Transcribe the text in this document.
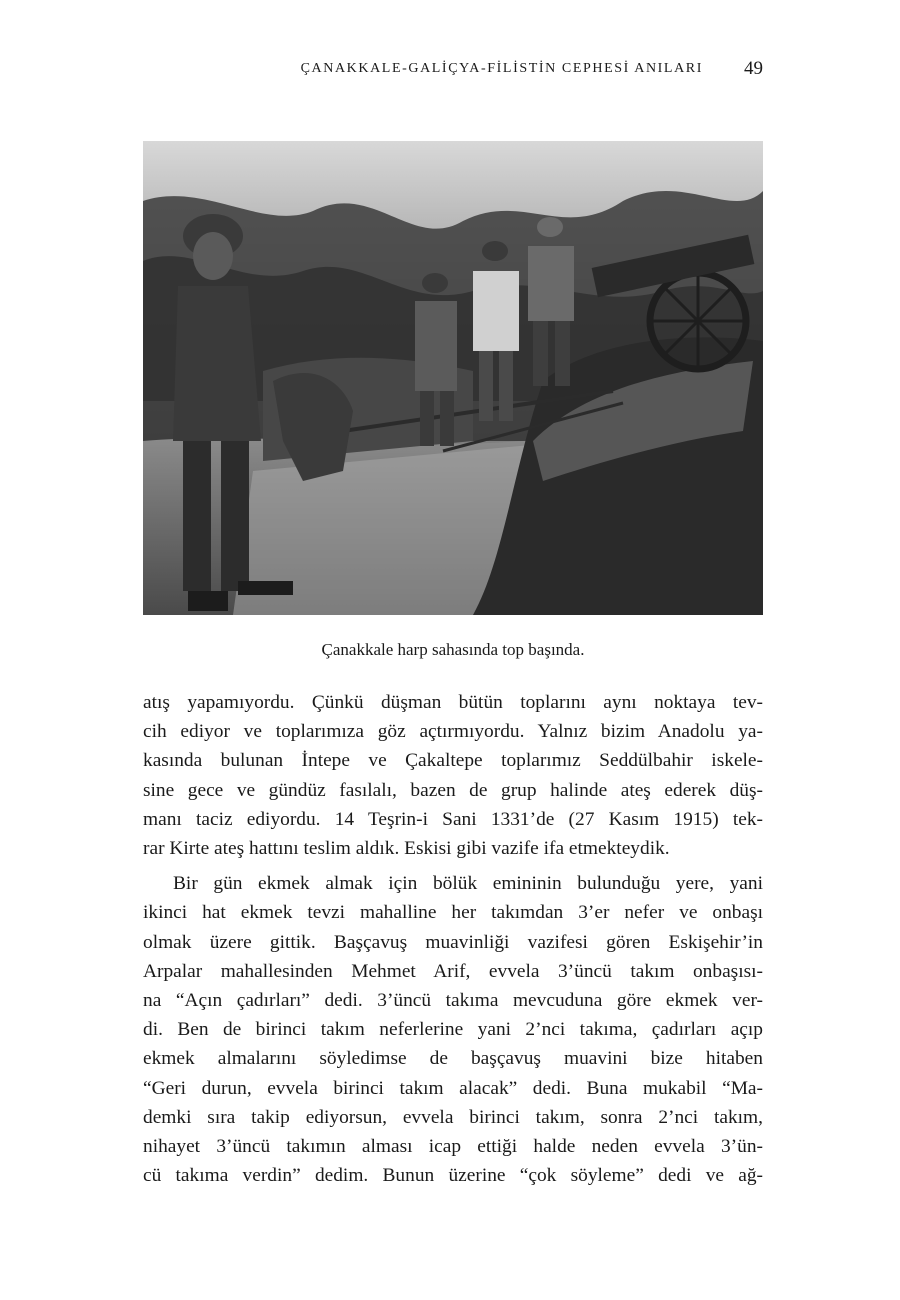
ÇANAKKALE-GALİÇYA-FİLİSTİN CEPHESİ ANILARI 49
Çanakkale harp sahasında top başında.

atış yapamıyordu. Çünkü düşman bütün toplarını aynı noktaya tev-
cih ediyor ve toplarımıza göz açtırmıyordu. Yalnız bizim Anadolu ya-
kasında bulunan İntepe ve Çakaltepe toplarımız Seddülbahir iskele-
sine gece ve gündüz fasılalı, bazen de grup halinde ateş ederek düş-
manı taciz ediyordu. 14 Teşrin-i Sani 1331’de (27 Kasım 1915) tek-
rar Kirte ateş hattını teslim aldık. Eskisi gibi vazife ifa etmekteydik.

Bir gün ekmek almak için bölük emininin bulunduğu yere, yani
ikinci hat ekmek tevzi mahalline her takımdan 3’er nefer ve onbaşı
olmak üzere gittik. Başçavuş muavinliği vazifesi gören Eskişehir’in
Arpalar mahallesinden Mehmet Arif, evvela 3’üncü takım onbaşısı-
na “Açın çadırları” dedi. 3’üncü takıma mevcuduna göre ekmek ver-
di. Ben de birinci takım neferlerine yani 2’nci takıma, çadırları açıp
ekmek almalarını söyledimse de başçavuş muavini bize hitaben
“Geri durun, evvela birinci takım alacak” dedi. Buna mukabil “Ma-
demki sıra takip ediyorsun, evvela birinci takım, sonra 2’nci takım,
nihayet 3’üncü takımın alması icap ettiği halde neden evvela 3’ün-
cü takıma verdin” dedim. Bunun üzerine “çok söyleme” dedi ve ağ-
